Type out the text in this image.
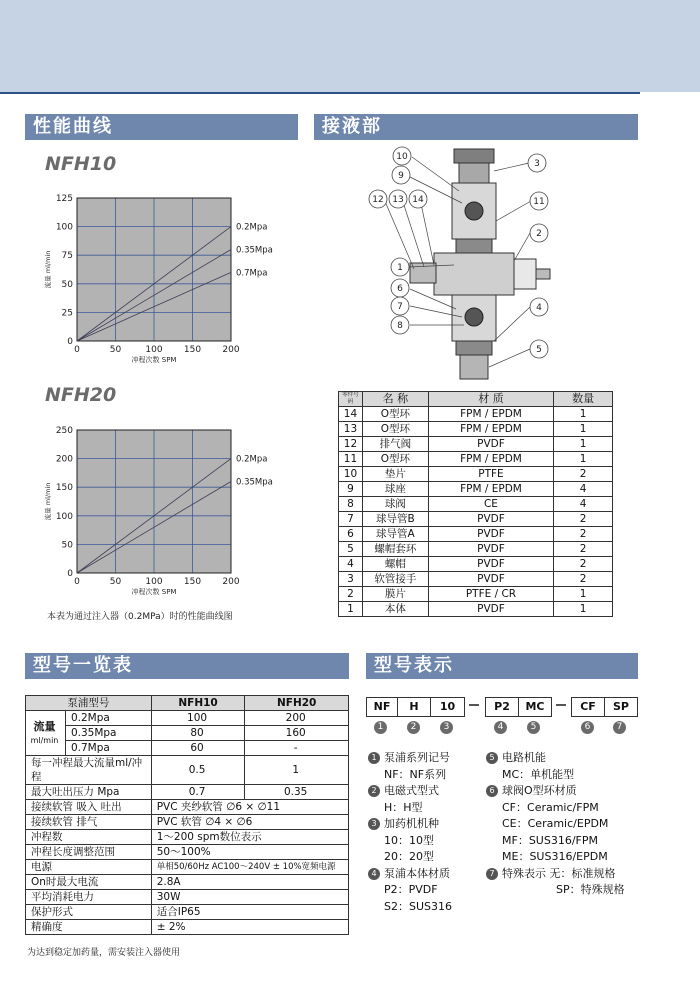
性能曲线	接液部
型号一览表	型号表示
NFH10
NFH20
0
25
50
75
100
125
0	50	100 150 200
0.2Mpa
0.35Mpa
0.7Mpa
冲程次数 SPM
流量 ml/min
0
50
100
150
200
250
0	50	100 150 200
0.2Mpa
0.35Mpa
冲程次数 SPM
流量 ml/min
本表为通过注入器（0.2MPa）时的性能曲线图
10
9
12 13 14
1
6
7
8
3
11
2
4
5
零件号码	名 称	材 质	数量
14	O型环	FPM / EPDM	1
13	O型环	FPM / EPDM	1
12	排气阀	PVDF	1
11	O型环	FPM / EPDM	1
10	垫片	PTFE	2
9	球座	FPM / EPDM	4
8	球阀	CE	4
7	球导管B	PVDF	2
6	球导管A	PVDF	2
5	螺帽套环	PVDF	2
4	螺帽	PVDF	2
3	软管接手	PVDF	2
2	膜片	PTFE / CR	1
1	本体	PVDF	1
泵浦型号		NFH10	NFH20
流量
ml/min	0.2Mpa	100	200
	0.35Mpa	80	160
	0.7Mpa	60	-
每一冲程最大流量ml/冲程		0.5	1
最大吐出压力 Mpa		0.7	0.35
接续软管 吸入 吐出		PVC 夹纱软管 ∅6 × ∅11	
接续软管 排气		PVC 软管 ∅4 × ∅6	
冲程数		1～200 spm数位表示	
冲程长度调整范围		50～100%	
电源		单相50/60Hz AC100～240V ± 10%宽频电源	
On时最大电流		2.8A	
平均消耗电力		30W	
保护形式		适合IP65	
精确度		± 2%	
为达到稳定加药量，需安装注入器使用
NF	H	10	P2	MC	CF	SP
1	2	3	4	5	6	7
1 泵浦系列记号
NF：NF系列
2 电磁式型式
H：H型
3 加药机机种
10：10型
20：20型
4 泵浦本体材质
P2：PVDF
S2：SUS316
5 电路机能
MC：单机能型
6 球阀O型环材质
CF：Ceramic/FPM
CE：Ceramic/EPDM
MF：SUS316/FPM
ME：SUS316/EPDM
7 特殊表示 无：标准规格
SP：特殊规格
